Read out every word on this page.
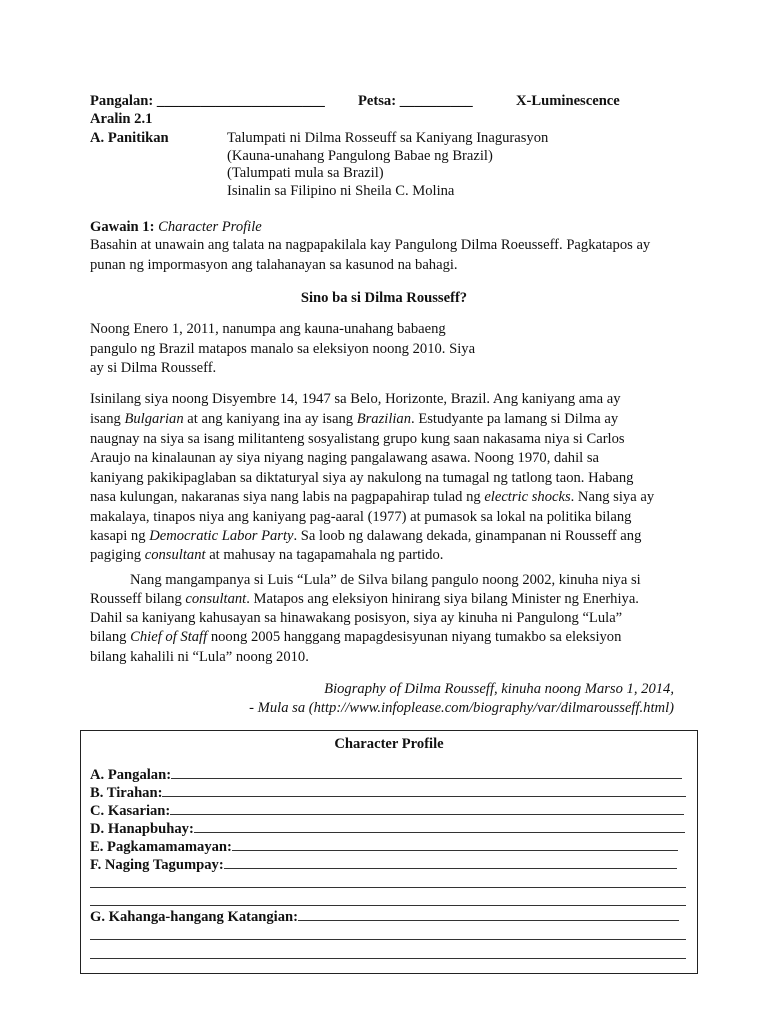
Pangalan: _______________________ Petsa: __________	X-Luminescence
Aralin 2.1
A. Panitikan	Talumpati ni Dilma Rosseuff sa Kaniyang Inagurasyon
(Kauna-unahang Pangulong Babae ng Brazil)
(Talumpati mula sa Brazil)
Isinalin sa Filipino ni Sheila C. Molina
Gawain 1: Character Profile
Basahin at unawain ang talata na nagpapakilala kay Pangulong Dilma Roeusseff. Pagkatapos ay
punan ng impormasyon ang talahanayan sa kasunod na bahagi.
Sino ba si Dilma Rousseff?
Noong Enero 1, 2011, nanumpa ang kauna-unahang babaeng
pangulo ng Brazil matapos manalo sa eleksiyon noong 2010. Siya
ay si Dilma Rousseff.
Isinilang siya noong Disyembre 14, 1947 sa Belo, Horizonte, Brazil. Ang kaniyang ama ay
isang Bulgarian at ang kaniyang ina ay isang Brazilian. Estudyante pa lamang si Dilma ay
naugnay na siya sa isang militanteng sosyalistang grupo kung saan nakasama niya si Carlos
Araujo na kinalaunan ay siya niyang naging pangalawang asawa. Noong 1970, dahil sa
kaniyang pakikipaglaban sa diktaturyal siya ay nakulong na tumagal ng tatlong taon. Habang
nasa kulungan, nakaranas siya nang labis na pagpapahirap tulad ng electric shocks. Nang siya ay
makalaya, tinapos niya ang kaniyang pag-aaral (1977) at pumasok sa lokal na politika bilang
kasapi ng Democratic Labor Party. Sa loob ng dalawang dekada, ginampanan ni Rousseff ang
pagiging consultant at mahusay na tagapamahala ng partido.
Nang mangampanya si Luis “Lula” de Silva bilang pangulo noong 2002, kinuha niya si
Rousseff bilang consultant. Matapos ang eleksiyon hinirang siya bilang Minister ng Enerhiya.
Dahil sa kaniyang kahusayan sa hinawakang posisyon, siya ay kinuha ni Pangulong “Lula”
bilang Chief of Staff noong 2005 hanggang mapagdesisyunan niyang tumakbo sa eleksiyon
bilang kahalili ni “Lula” noong 2010.
Biography of Dilma Rousseff, kinuha noong Marso 1, 2014,
- Mula sa (http://www.infoplease.com/biography/var/dilmarousseff.html)
Character Profile
A. Pangalan:
B. Tirahan:
C. Kasarian:
D. Hanapbuhay:
E. Pagkamamamayan:
F. Naging Tagumpay:
G. Kahanga-hangang Katangian:
